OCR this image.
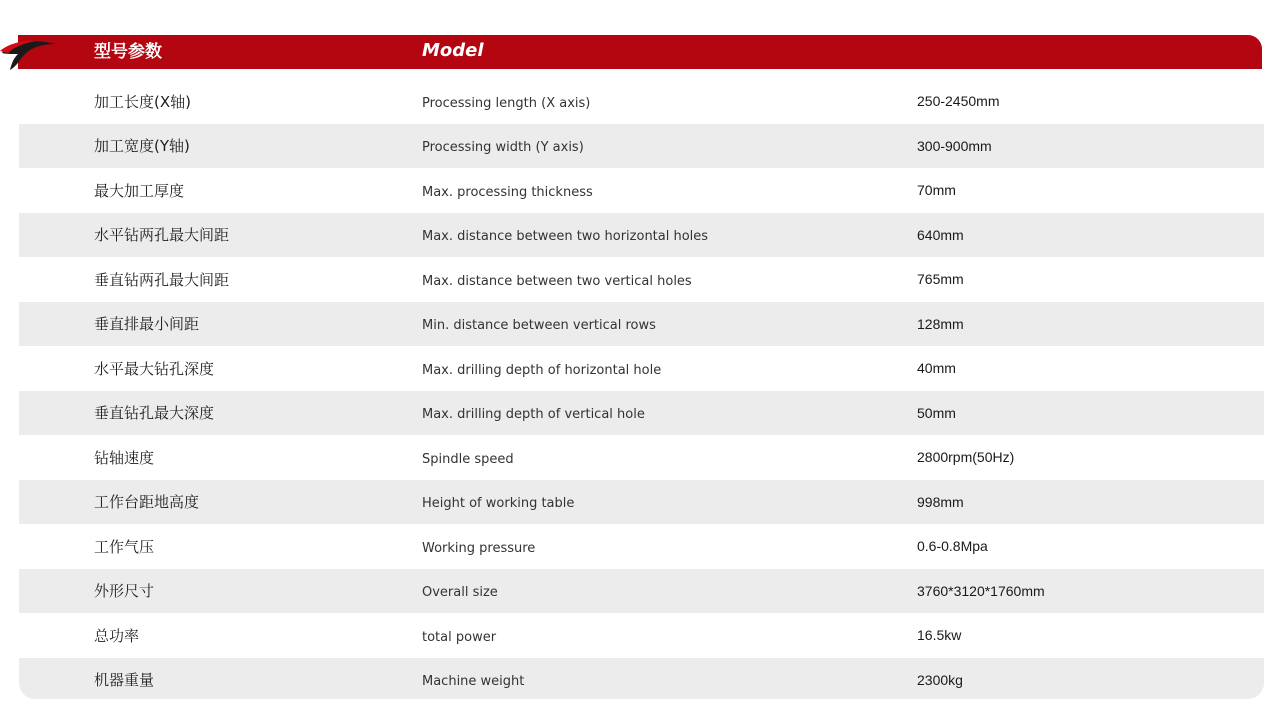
型号参数	Model
加工长度(X轴)	Processing length (X axis)	250-2450mm
加工宽度(Y轴)	Processing width (Y axis)	300-900mm
最大加工厚度	Max. processing thickness	70mm
水平钻两孔最大间距	Max. distance between two horizontal holes	640mm
垂直钻两孔最大间距	Max. distance between two vertical holes	765mm
垂直排最小间距	Min. distance between vertical rows	128mm
水平最大钻孔深度	Max. drilling depth of horizontal hole	40mm
垂直钻孔最大深度	Max. drilling depth of vertical hole	50mm
钻轴速度	Spindle speed	2800rpm(50Hz)
工作台距地高度	Height of working table	998mm
工作气压	Working pressure	0.6-0.8Mpa
外形尺寸	Overall size	3760*3120*1760mm
总功率	total power	16.5kw
机器重量	Machine weight	2300kg
